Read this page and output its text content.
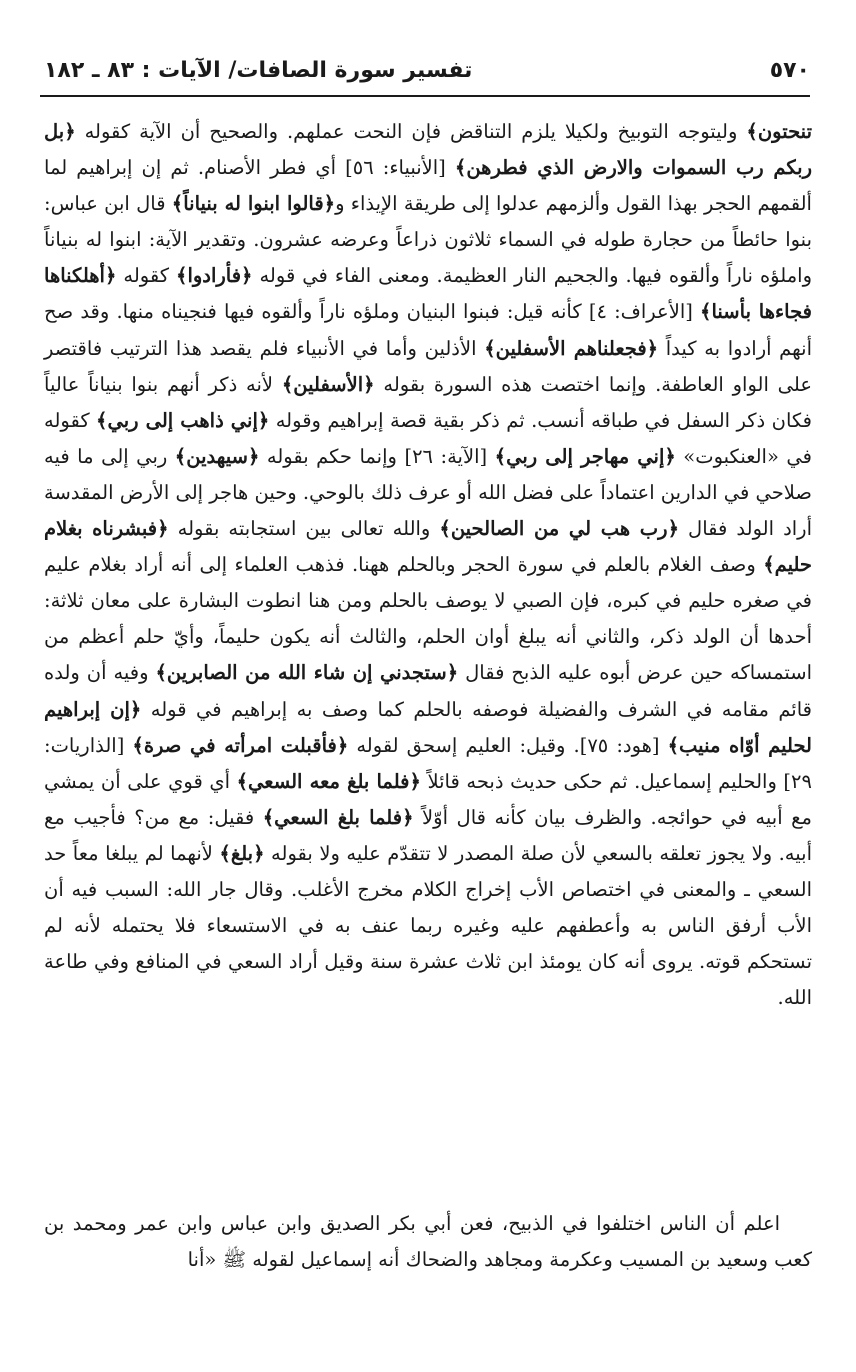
٥٧٠
تفسير سورة الصافات/ الآيات : ٨٣ ـ ١٨٢

تنحتون﴾ وليتوجه التوبيخ ولكيلا يلزم التناقض فإن النحت عملهم. والصحيح أن الآية كقوله ﴿بل ربكم رب السموات والارض الذي فطرهن﴾ [الأنبياء: ٥٦] أي فطر الأصنام. ثم إن إبراهيم لما ألقمهم الحجر بهذا القول وألزمهم عدلوا إلى طريقة الإيذاء و﴿قالوا ابنوا له بنياناً﴾ قال ابن عباس: بنوا حائطاً من حجارة طوله في السماء ثلاثون ذراعاً وعرضه عشرون. وتقدير الآية: ابنوا له بنياناً واملؤه ناراً وألقوه فيها. والجحيم النار العظيمة. ومعنى الفاء في قوله ﴿فأرادوا﴾ كقوله ﴿أهلكناها فجاءها بأسنا﴾ [الأعراف: ٤] كأنه قيل: فبنوا البنيان وملؤه ناراً وألقوه فيها فنجيناه منها. وقد صح أنهم أرادوا به كيداً ﴿فجعلناهم الأسفلين﴾ الأذلين وأما في الأنبياء فلم يقصد هذا الترتيب فاقتصر على الواو العاطفة. وإنما اختصت هذه السورة بقوله ﴿الأسفلين﴾ لأنه ذكر أنهم بنوا بنياناً عالياً فكان ذكر السفل في طباقه أنسب. ثم ذكر بقية قصة إبراهيم وقوله ﴿إني ذاهب إلى ربي﴾ كقوله في «العنكبوت» ﴿إني مهاجر إلى ربي﴾ [الآية: ٢٦] وإنما حكم بقوله ﴿سيهدين﴾ ربي إلى ما فيه صلاحي في الدارين اعتماداً على فضل الله أو عرف ذلك بالوحي. وحين هاجر إلى الأرض المقدسة أراد الولد فقال ﴿رب هب لي من الصالحين﴾ والله تعالى بين استجابته بقوله ﴿فبشرناه بغلام حليم﴾ وصف الغلام بالعلم في سورة الحجر وبالحلم ههنا. فذهب العلماء إلى أنه أراد بغلام عليم في صغره حليم في كبره، فإن الصبي لا يوصف بالحلم ومن هنا انطوت البشارة على معان ثلاثة: أحدها أن الولد ذكر، والثاني أنه يبلغ أوان الحلم، والثالث أنه يكون حليماً، وأيّ حلم أعظم من استمساكه حين عرض أبوه عليه الذبح فقال ﴿ستجدني إن شاء الله من الصابرين﴾ وفيه أن ولده قائم مقامه في الشرف والفضيلة فوصفه بالحلم كما وصف به إبراهيم في قوله ﴿إن إبراهيم لحليم أوّاه منيب﴾ [هود: ٧٥]. وقيل: العليم إسحق لقوله ﴿فأقبلت امرأته في صرة﴾ [الذاريات: ٢٩] والحليم إسماعيل. ثم حكى حديث ذبحه قائلاً ﴿فلما بلغ معه السعي﴾ أي قوي على أن يمشي مع أبيه في حوائجه. والظرف بيان كأنه قال أوّلاً ﴿فلما بلغ السعي﴾ فقيل: مع من؟ فأجيب مع أبيه. ولا يجوز تعلقه بالسعي لأن صلة المصدر لا تتقدّم عليه ولا بقوله ﴿بلغ﴾ لأنهما لم يبلغا معاً حد السعي ـ والمعنى في اختصاص الأب إخراج الكلام مخرج الأغلب. وقال جار الله: السبب فيه أن الأب أرفق الناس به وأعطفهم عليه وغيره ربما عنف به في الاستسعاء فلا يحتمله لأنه لم تستحكم قوته. يروى أنه كان يومئذ ابن ثلاث عشرة سنة وقيل أراد السعي في المنافع وفي طاعة الله.

اعلم أن الناس اختلفوا في الذبيح، فعن أبي بكر الصديق وابن عباس وابن عمر ومحمد بن كعب وسعيد بن المسيب وعكرمة ومجاهد والضحاك أنه إسماعيل لقوله ﷺ «أنا
